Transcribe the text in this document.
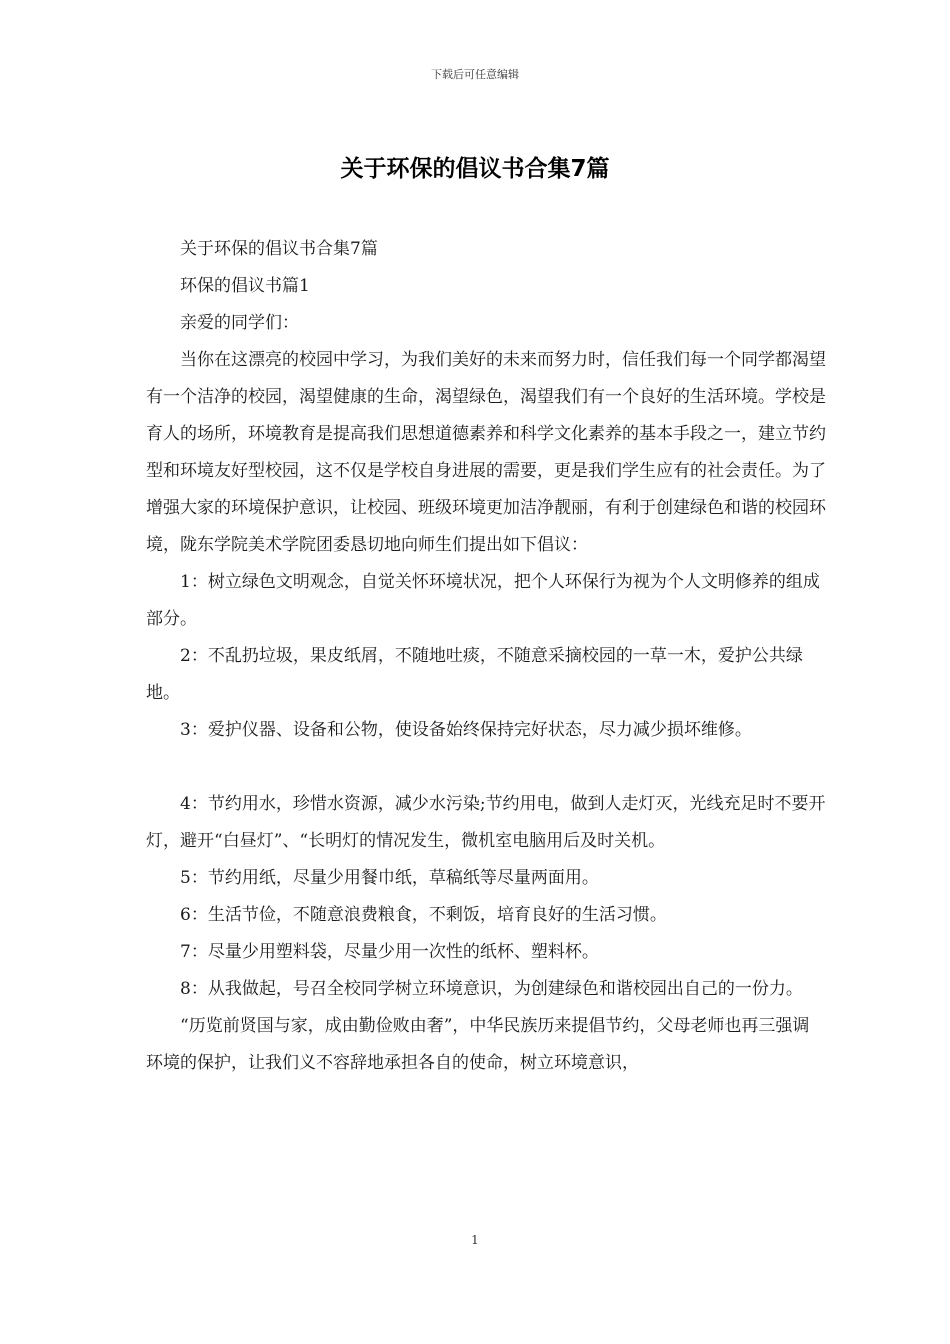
下载后可任意编辑
关于环保的倡议书合集7篇

关于环保的倡议书合集7篇

环保的倡议书篇1

亲爱的同学们：

当你在这漂亮的校园中学习，为我们美好的未来而努力时，信任我们每一个同学都渴望有一个洁净的校园，渴望健康的生命，渴望绿色，渴望我们有一个良好的生活环境。学校是育人的场所，环境教育是提高我们思想道德素养和科学文化素养的基本手段之一，建立节约型和环境友好型校园，这不仅是学校自身进展的需要，更是我们学生应有的社会责任。为了增强大家的环境保护意识，让校园、班级环境更加洁净靓丽，有利于创建绿色和谐的校园环境，陇东学院美术学院团委恳切地向师生们提出如下倡议：

1：树立绿色文明观念，自觉关怀环境状况，把个人环保行为视为个人文明修养的组成部分。

2：不乱扔垃圾，果皮纸屑，不随地吐痰，不随意采摘校园的一草一木，爱护公共绿地。

3：爱护仪器、设备和公物，使设备始终保持完好状态，尽力减少损坏维修。

4：节约用水，珍惜水资源，减少水污染;节约用电，做到人走灯灭，光线充足时不要开灯，避开“白昼灯”、“长明灯的情况发生，微机室电脑用后及时关机。

5：节约用纸，尽量少用餐巾纸，草稿纸等尽量两面用。

6：生活节俭，不随意浪费粮食，不剩饭，培育良好的生活习惯。

7：尽量少用塑料袋，尽量少用一次性的纸杯、塑料杯。

8：从我做起，号召全校同学树立环境意识，为创建绿色和谐校园出自己的一份力。

“历览前贤国与家，成由勤俭败由奢”，中华民族历来提倡节约，父母老师也再三强调环境的保护，让我们义不容辞地承担各自的使命，树立环境意识，

1
